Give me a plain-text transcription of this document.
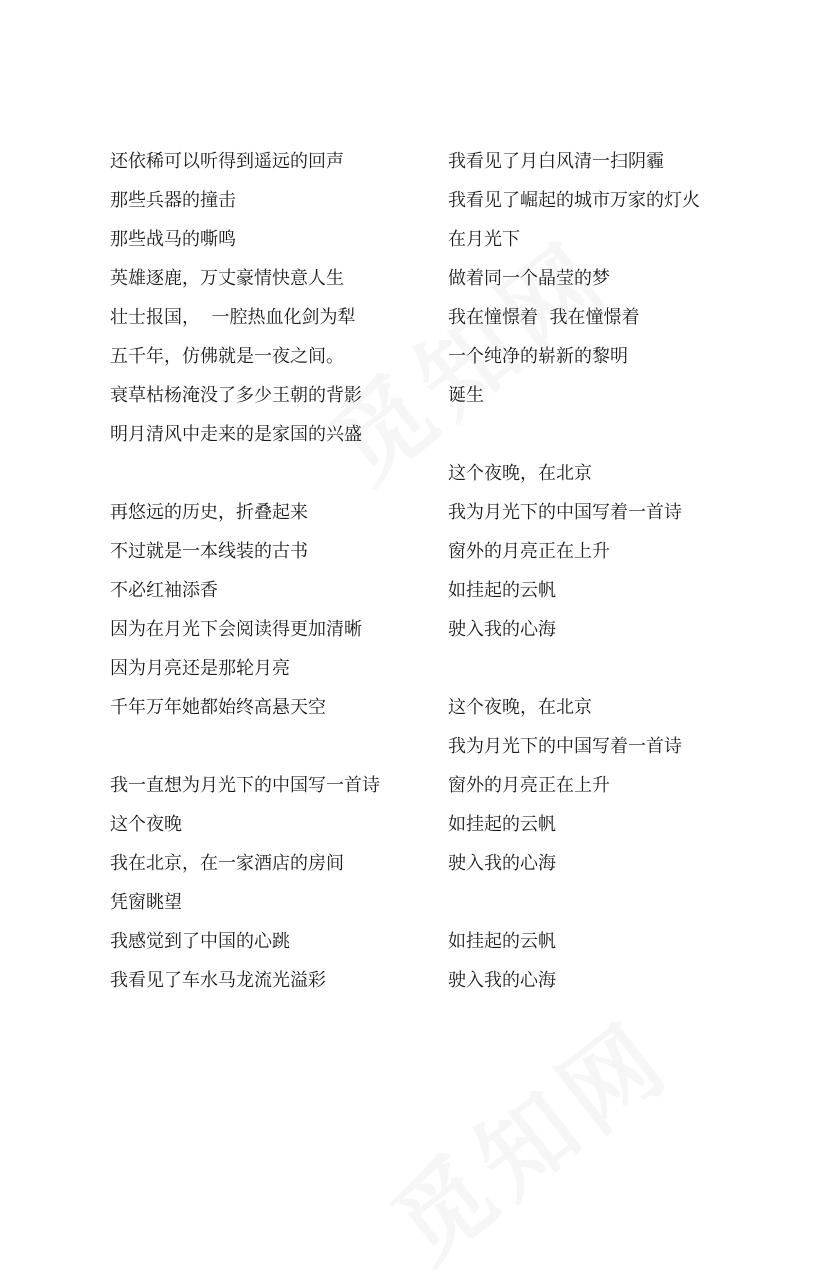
还依稀可以听得到遥远的回声
那些兵器的撞击
那些战马的嘶鸣
英雄逐鹿，万丈豪情快意人生
壮士报国，  一腔热血化剑为犁
五千年，仿佛就是一夜之间。
衰草枯杨淹没了多少王朝的背影
明月清风中走来的是家国的兴盛
再悠远的历史，折叠起来
不过就是一本线装的古书
不必红袖添香
因为在月光下会阅读得更加清晰
因为月亮还是那轮月亮
千年万年她都始终高悬天空
我一直想为月光下的中国写一首诗
这个夜晚
我在北京，在一家酒店的房间
凭窗眺望
我感觉到了中国的心跳
我看见了车水马龙流光溢彩
我看见了月白风清一扫阴霾
我看见了崛起的城市万家的灯火
在月光下
做着同一个晶莹的梦
我在憧憬着  我在憧憬着
一个纯净的崭新的黎明
诞生
这个夜晚，在北京
我为月光下的中国写着一首诗
窗外的月亮正在上升
如挂起的云帆
驶入我的心海
这个夜晚，在北京
我为月光下的中国写着一首诗
窗外的月亮正在上升
如挂起的云帆
驶入我的心海
如挂起的云帆
驶入我的心海
